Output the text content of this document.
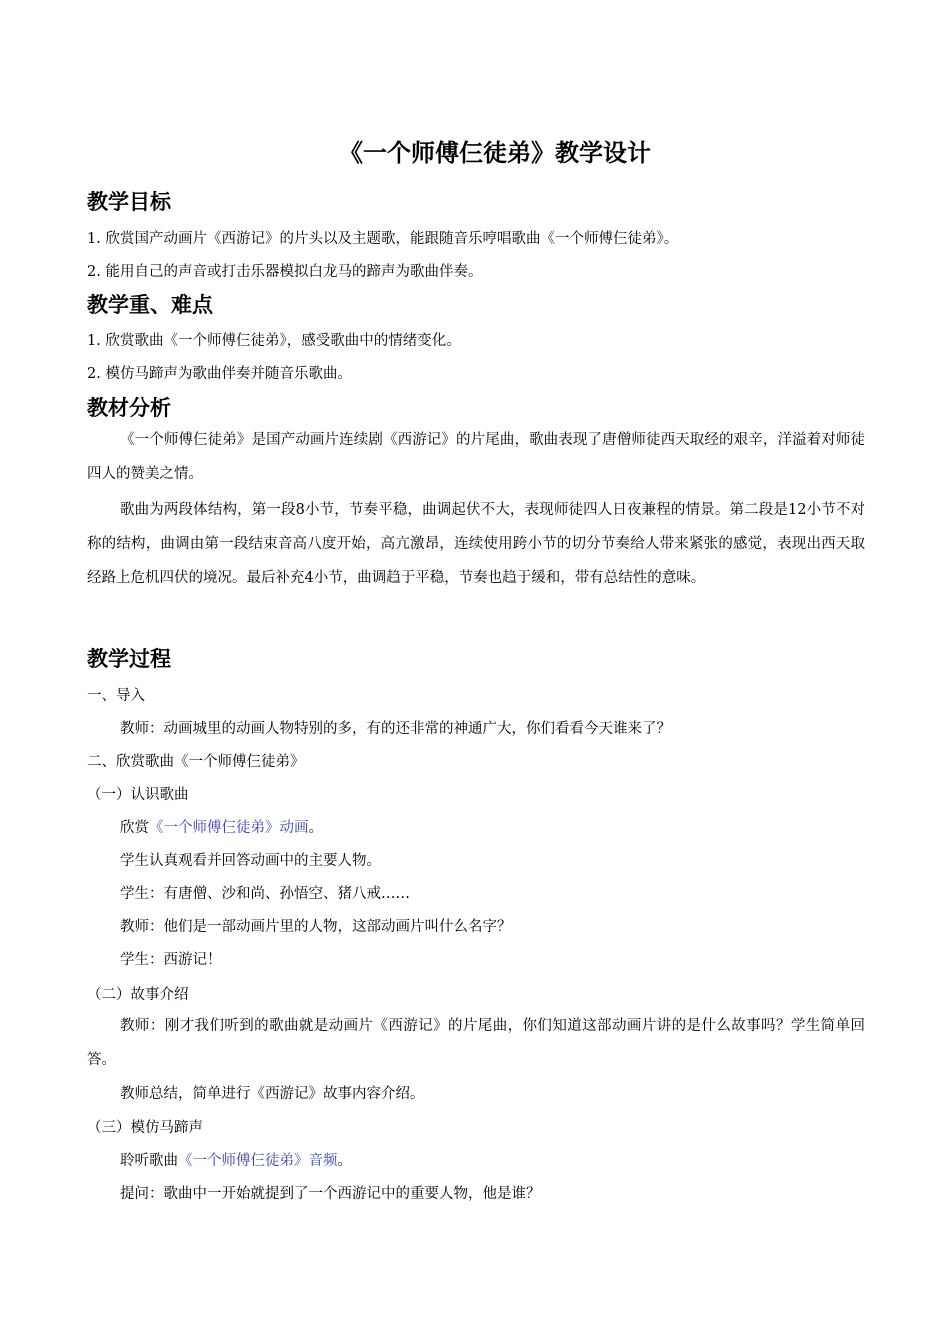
《一个师傅仨徒弟》教学设计
教学目标
1. 欣赏国产动画片《西游记》的片头以及主题歌，能跟随音乐哼唱歌曲《一个师傅仨徒弟》。
2. 能用自己的声音或打击乐器模拟白龙马的蹄声为歌曲伴奏。
教学重、难点
1. 欣赏歌曲《一个师傅仨徒弟》，感受歌曲中的情绪变化。
2. 模仿马蹄声为歌曲伴奏并随音乐歌曲。
教材分析
《一个师傅仨徒弟》是国产动画片连续剧《西游记》的片尾曲，歌曲表现了唐僧师徒西天取经的艰辛，洋溢着对师徒四人的赞美之情。
歌曲为两段体结构，第一段8小节，节奏平稳，曲调起伏不大，表现师徒四人日夜兼程的情景。第二段是12小节不对称的结构，曲调由第一段结束音高八度开始，高亢激昂，连续使用跨小节的切分节奏给人带来紧张的感觉，表现出西天取经路上危机四伏的境况。最后补充4小节，曲调趋于平稳，节奏也趋于缓和，带有总结性的意味。
教学过程
一、导入
教师：动画城里的动画人物特别的多，有的还非常的神通广大，你们看看今天谁来了？
二、欣赏歌曲《一个师傅仨徒弟》
（一）认识歌曲
欣赏《一个师傅仨徒弟》动画。
学生认真观看并回答动画中的主要人物。
学生：有唐僧、沙和尚、孙悟空、猪八戒……
教师：他们是一部动画片里的人物，这部动画片叫什么名字？
学生：西游记！
（二）故事介绍
教师：刚才我们听到的歌曲就是动画片《西游记》的片尾曲，你们知道这部动画片讲的是什么故事吗？学生简单回答。
教师总结，简单进行《西游记》故事内容介绍。
（三）模仿马蹄声
聆听歌曲《一个师傅仨徒弟》音频。
提问：歌曲中一开始就提到了一个西游记中的重要人物，他是谁？
